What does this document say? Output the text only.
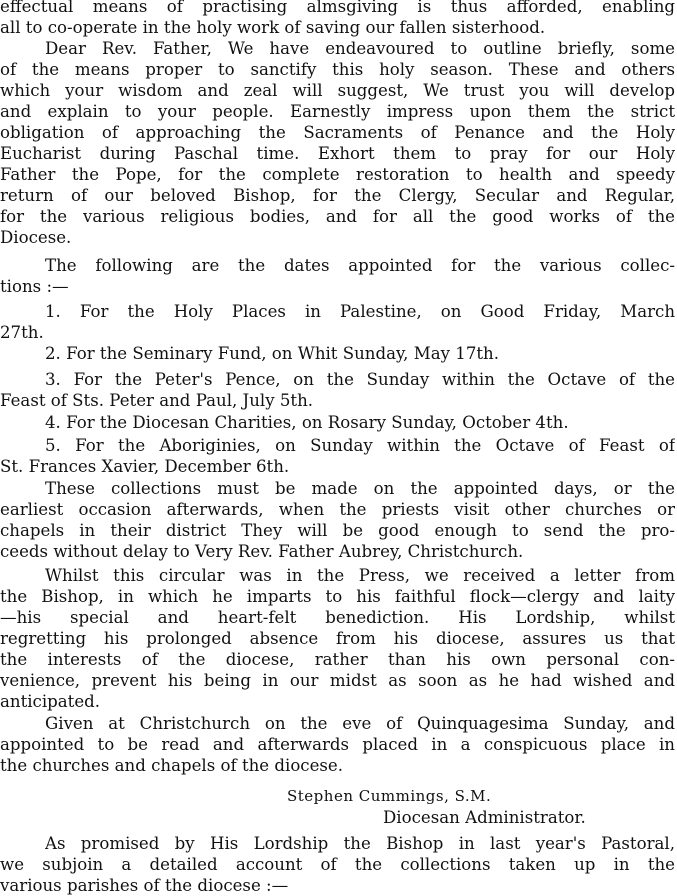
effectual means of practising almsgiving is thus afforded, enabling
all to co-operate in the holy work of saving our fallen sisterhood.
Dear Rev. Father, We have endeavoured to outline briefly, some
of the means proper to sanctify this holy season. These and others
which your wisdom and zeal will suggest, We trust you will develop
and explain to your people. Earnestly impress upon them the strict
obligation of approaching the Sacraments of Penance and the Holy
Eucharist during Paschal time. Exhort them to pray for our Holy
Father the Pope, for the complete restoration to health and speedy
return of our beloved Bishop, for the Clergy, Secular and Regular,
for the various religious bodies, and for all the good works of the
Diocese.
The following are the dates appointed for the various collec-
tions :—
1. For the Holy Places in Palestine, on Good Friday, March
27th.
2. For the Seminary Fund, on Whit Sunday, May 17th.
3. For the Peter's Pence, on the Sunday within the Octave of the
Feast of Sts. Peter and Paul, July 5th.
4. For the Diocesan Charities, on Rosary Sunday, October 4th.
5. For the Aboriginies, on Sunday within the Octave of Feast of
St. Frances Xavier, December 6th.
These collections must be made on the appointed days, or the
earliest occasion afterwards, when the priests visit other churches or
chapels in their district They will be good enough to send the pro-
ceeds without delay to Very Rev. Father Aubrey, Christchurch.
Whilst this circular was in the Press, we received a letter from
the Bishop, in which he imparts to his faithful flock—clergy and laity
—his special and heart-felt benediction. His Lordship, whilst
regretting his prolonged absence from his diocese, assures us that
the interests of the diocese, rather than his own personal con-
venience, prevent his being in our midst as soon as he had wished and
anticipated.
Given at Christchurch on the eve of Quinquagesima Sunday, and
appointed to be read and afterwards placed in a conspicuous place in
the churches and chapels of the diocese.
Stephen Cummings, S.M.
Diocesan Administrator.
As promised by His Lordship the Bishop in last year's Pastoral,
we subjoin a detailed account of the collections taken up in the
various parishes of the diocese :—
